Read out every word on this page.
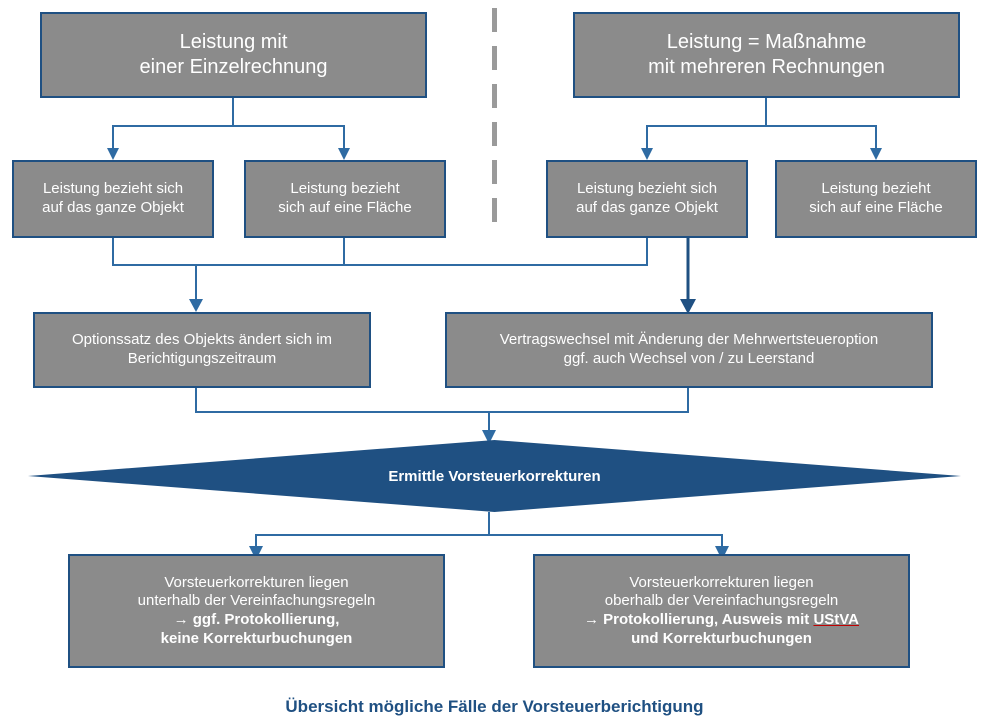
Leistung mit
einer Einzelrechnung
Leistung = Maßnahme
mit mehreren Rechnungen
Leistung bezieht sich
auf das ganze Objekt
Leistung bezieht
sich auf eine Fläche
Leistung bezieht sich
auf das ganze Objekt
Leistung bezieht
sich auf eine Fläche
Optionssatz des Objekts ändert sich im
Berichtigungszeitraum
Vertragswechsel mit Änderung der Mehrwertsteueroption
ggf. auch Wechsel von / zu Leerstand
Ermittle Vorsteuerkorrekturen
Vorsteuerkorrekturen liegen
unterhalb der Vereinfachungsregeln
→ ggf. Protokollierung,
keine Korrekturbuchungen
Vorsteuerkorrekturen liegen
oberhalb der Vereinfachungsregeln
→ Protokollierung, Ausweis mit UStVA
und Korrekturbuchungen
Übersicht mögliche Fälle der Vorsteuerberichtigung
